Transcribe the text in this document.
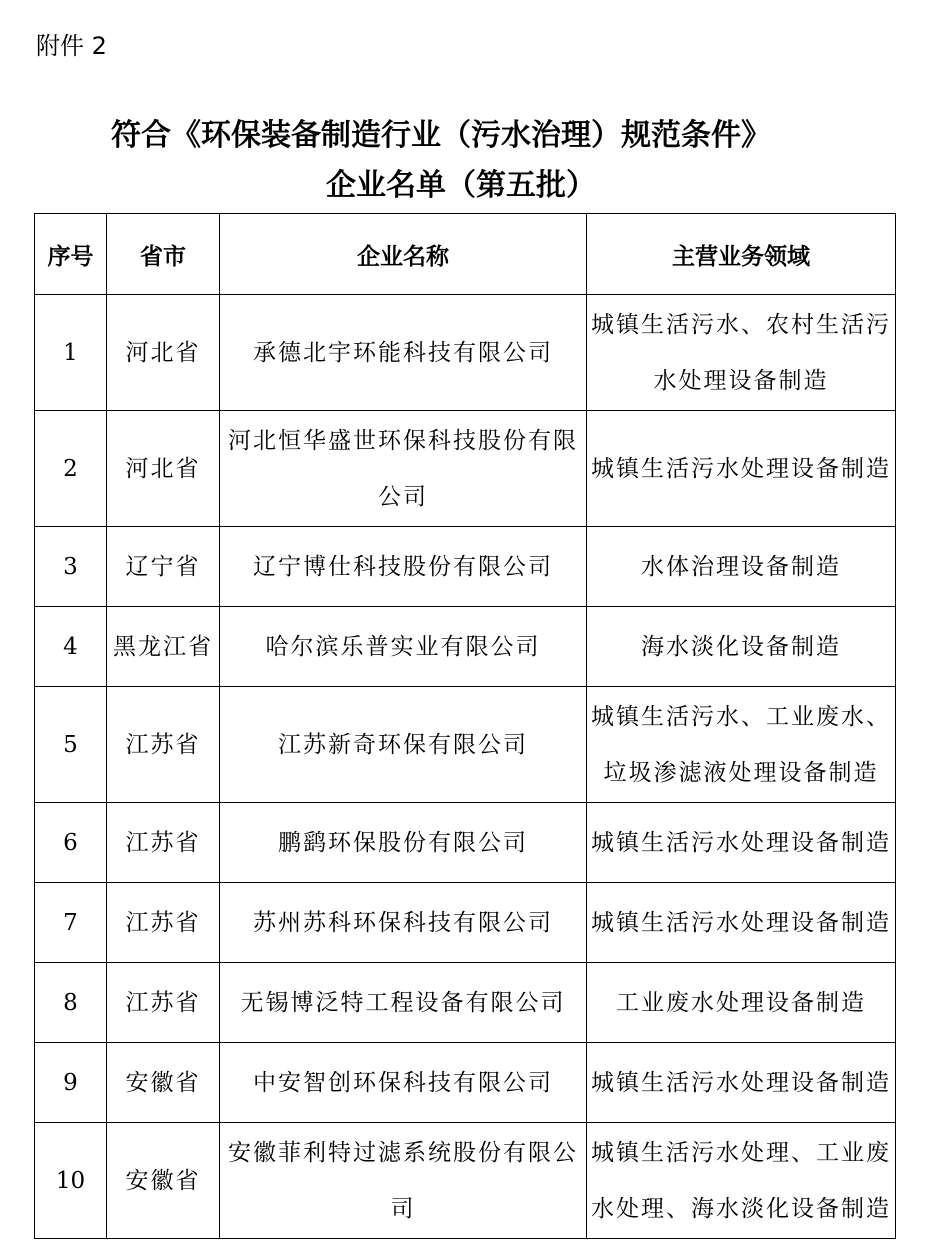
附件 2
符合《环保装备制造行业（污水治理）规范条件》
企业名单（第五批）
序号	省市	企业名称	主营业务领域
1	河北省	承德北宇环能科技有限公司	城镇生活污水、农村生活污水处理设备制造
2	河北省	河北恒华盛世环保科技股份有限公司	城镇生活污水处理设备制造
3	辽宁省	辽宁博仕科技股份有限公司	水体治理设备制造
4	黑龙江省	哈尔滨乐普实业有限公司	海水淡化设备制造
5	江苏省	江苏新奇环保有限公司	城镇生活污水、工业废水、垃圾渗滤液处理设备制造
6	江苏省	鹏鹞环保股份有限公司	城镇生活污水处理设备制造
7	江苏省	苏州苏科环保科技有限公司	城镇生活污水处理设备制造
8	江苏省	无锡博泛特工程设备有限公司	工业废水处理设备制造
9	安徽省	中安智创环保科技有限公司	城镇生活污水处理设备制造
10	安徽省	安徽菲利特过滤系统股份有限公司	城镇生活污水处理、工业废水处理、海水淡化设备制造
